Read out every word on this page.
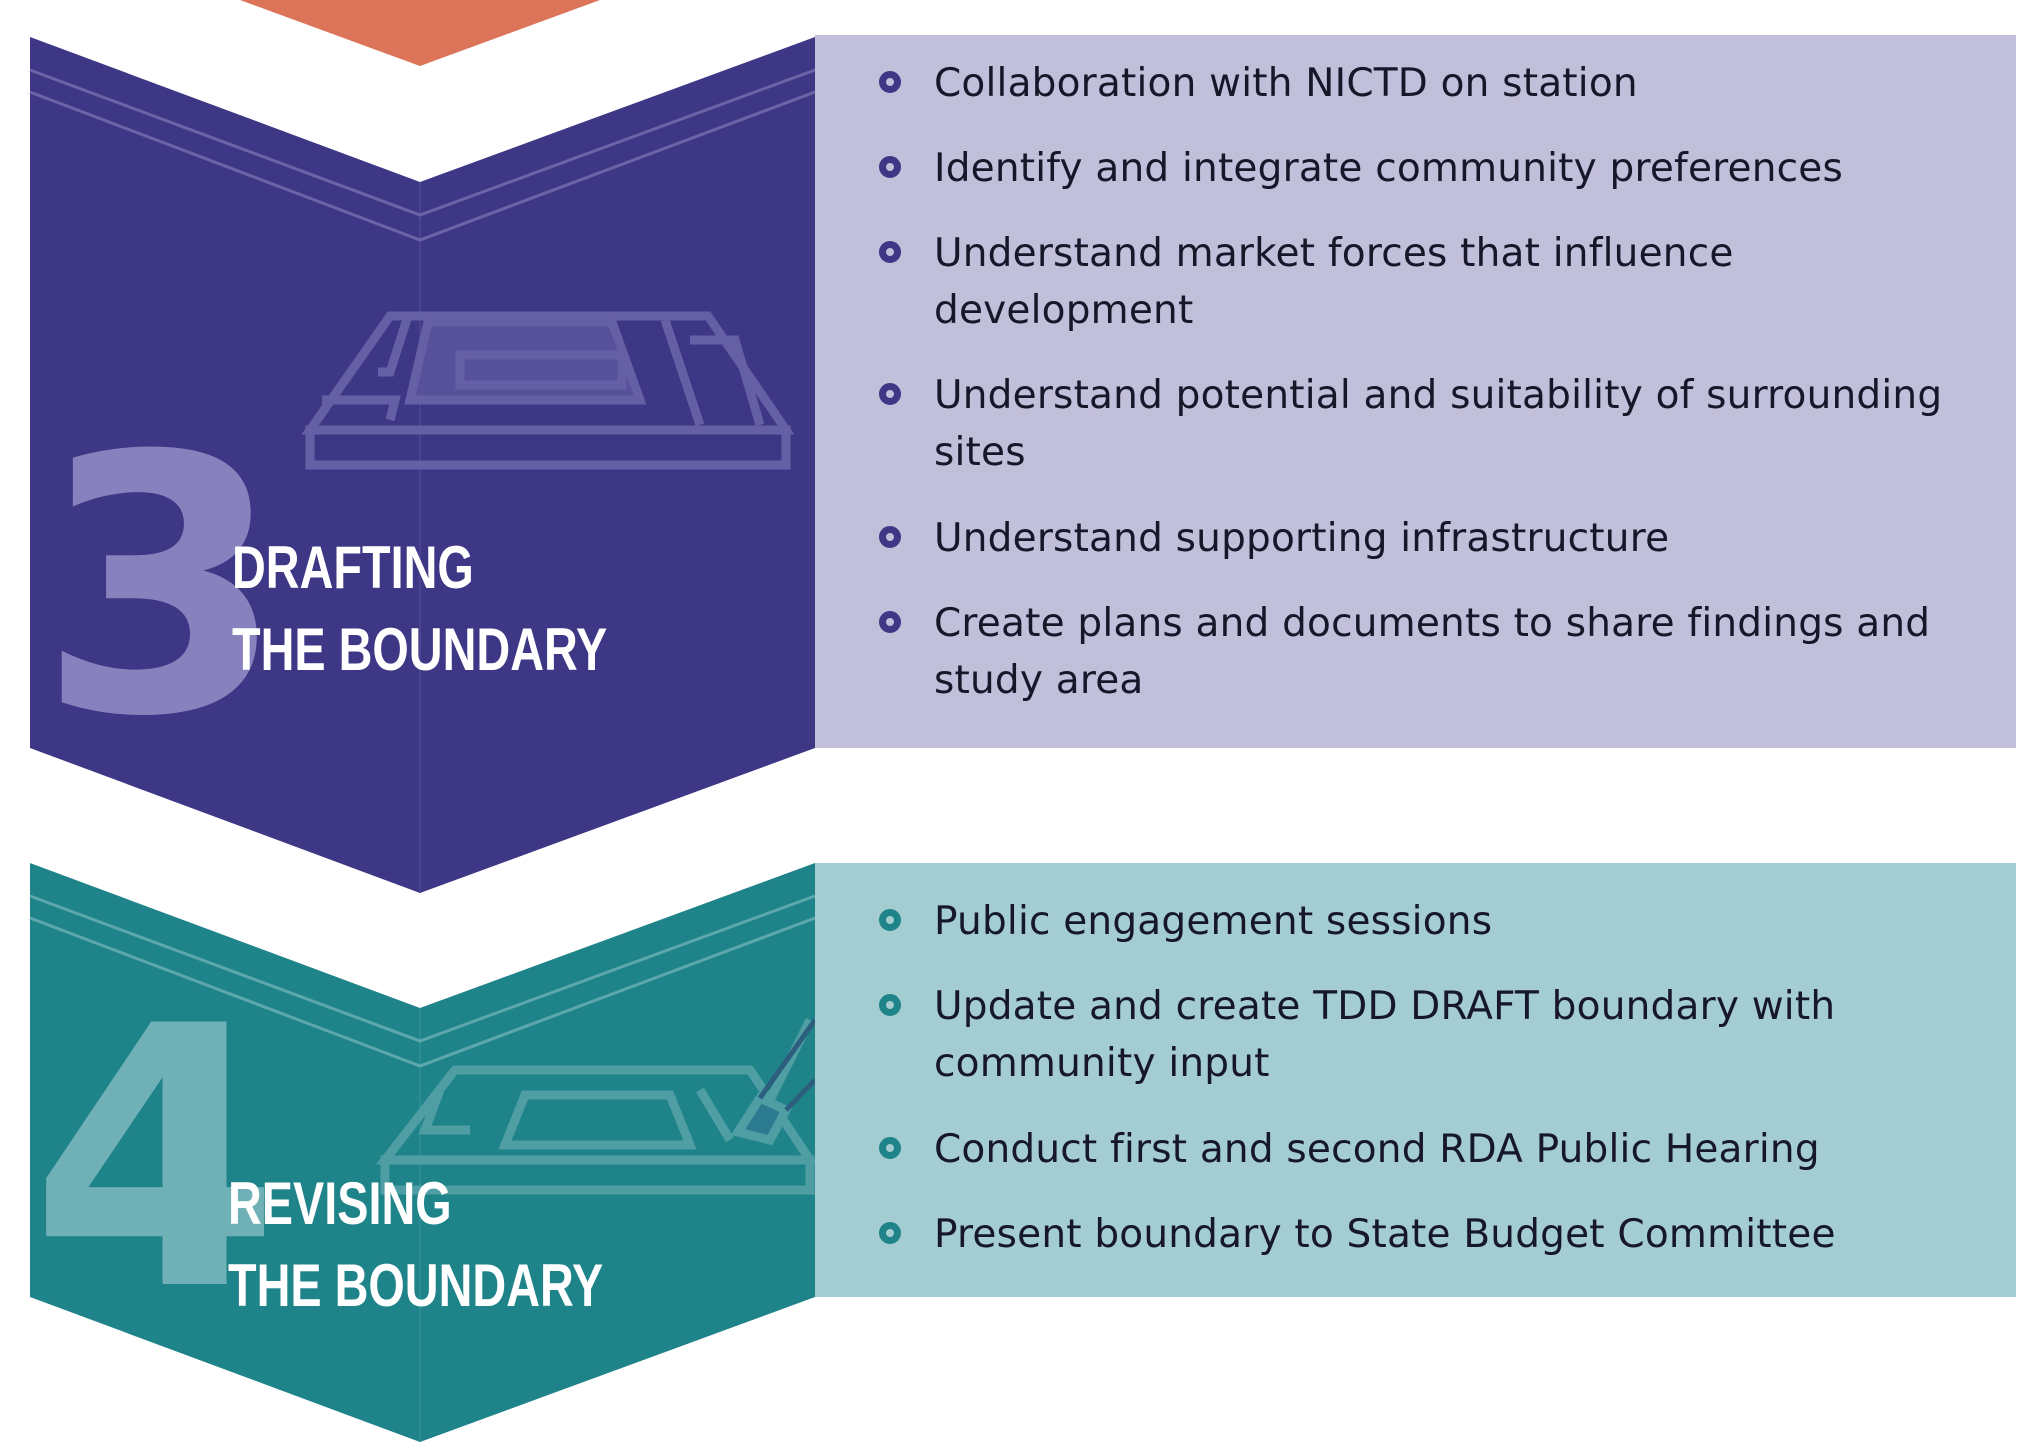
3
DRAFTING
THE BOUNDARY
Collaboration with NICTD on station
Identify and integrate community preferences
Understand market forces that influence development
Understand potential and suitability of surrounding sites
Understand supporting infrastructure
Create plans and documents to share findings and study area
4
REVISING
THE BOUNDARY
Public engagement sessions
Update and create TDD DRAFT boundary with community input
Conduct first and second RDA Public Hearing
Present boundary to State Budget Committee
